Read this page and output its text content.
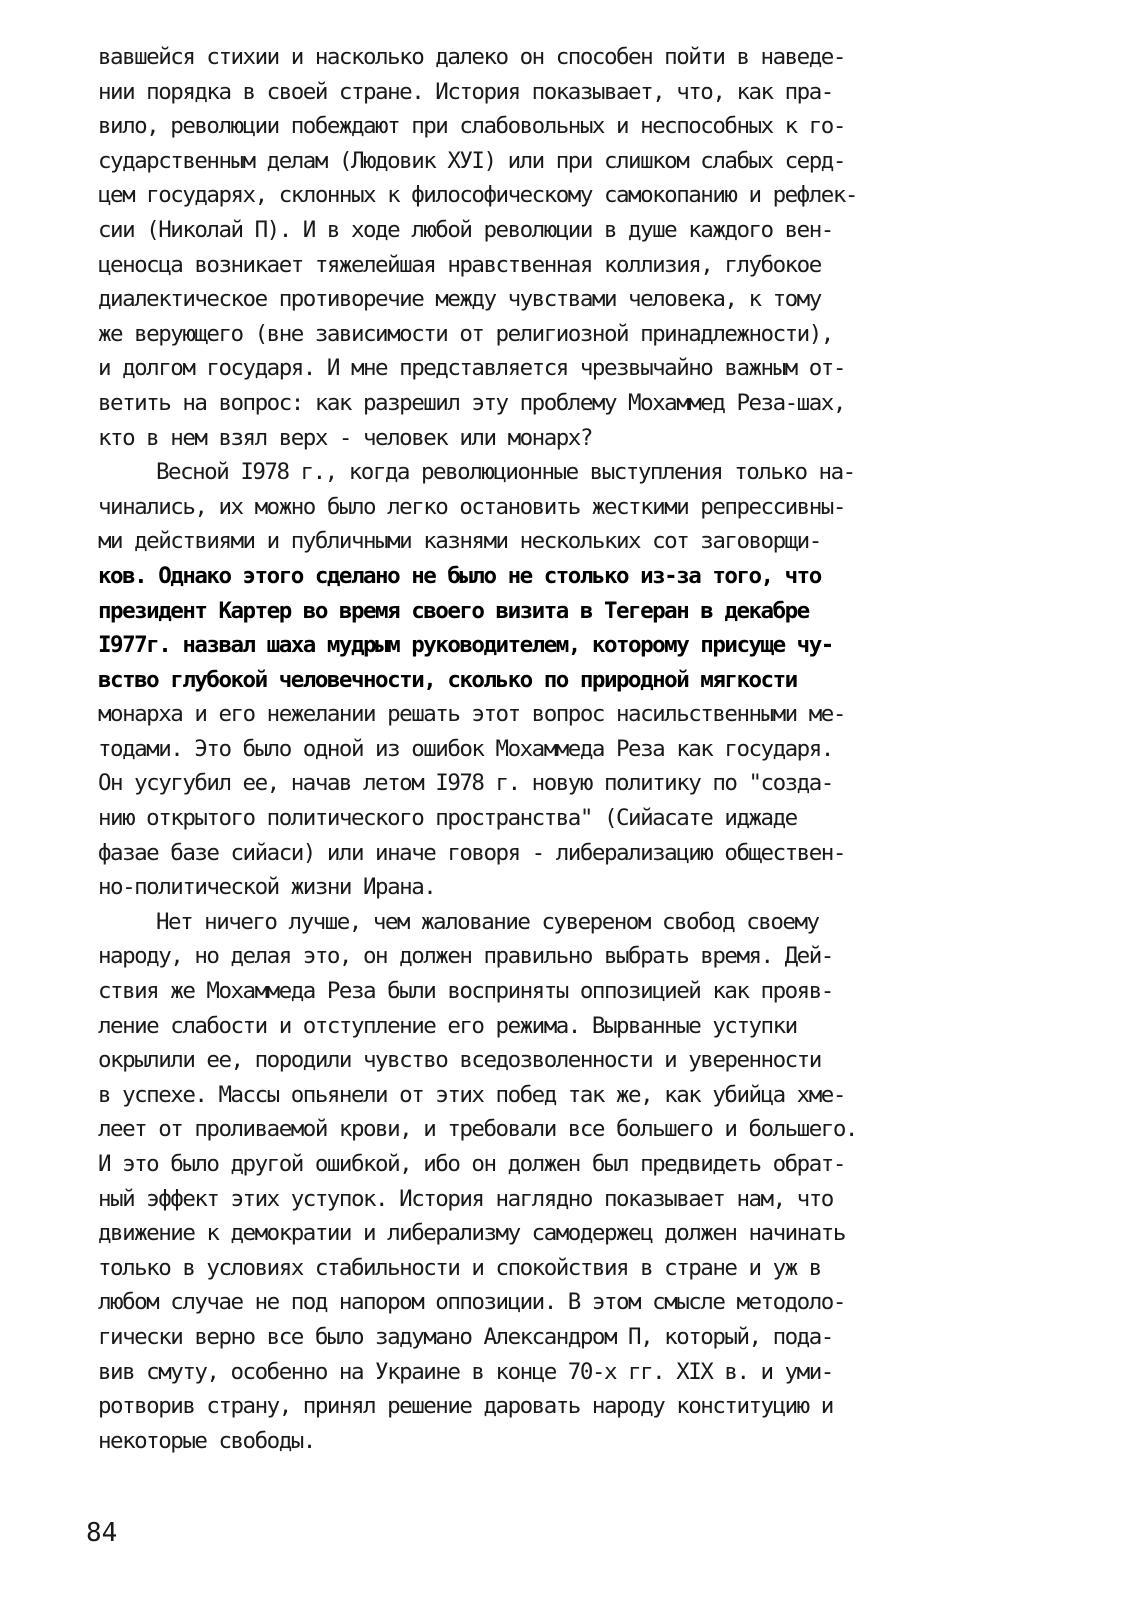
вавшейся стихии и насколько далеко он способен пойти в наведе-
нии порядка в своей стране. История показывает, что, как пра-
вило, революции побеждают при слабовольных и неспособных к го-
сударственным делам (Людовик ХУI) или при слишком слабых серд-
цем государях, склонных к философическому самокопанию и рефлек-
сии (Николай П). И в ходе любой революции в душе каждого вен-
ценосца возникает тяжелейшая нравственная коллизия, глубокое
диалектическое противоречие между чувствами человека, к тому
же верующего (вне зависимости от религиозной принадлежности),
и долгом государя. И мне представляется чрезвычайно важным от-
ветить на вопрос: как разрешил эту проблему Мохаммед Реза-шах,
кто в нем взял верх - человек или монарх?
Весной I978 г., когда революционные выступления только на-
чинались, их можно было легко остановить жесткими репрессивны-
ми действиями и публичными казнями нескольких сот заговорщи-
ков. Однако этого сделано не было не столько из-за того, что
президент Картер во время своего визита в Тегеран в декабре
I977г. назвал шаха мудрым руководителем, которому присуще чу-
вство глубокой человечности, сколько по природной мягкости
монарха и его нежелании решать этот вопрос насильственными ме-
тодами. Это было одной из ошибок Мохаммеда Реза как государя.
Он усугубил ее, начав летом I978 г. новую политику по "созда-
нию открытого политического пространства" (Сийасате иджаде
фазае базе сийаси) или иначе говоря - либерализацию обществен-
но-политической жизни Ирана.
Нет ничего лучше, чем жалование сувереном свобод своему
народу, но делая это, он должен правильно выбрать время. Дей-
ствия же Мохаммеда Реза были восприняты оппозицией как прояв-
ление слабости и отступление его режима. Вырванные уступки
окрылили ее, породили чувство вседозволенности и уверенности
в успехе. Массы опьянели от этих побед так же, как убийца хме-
леет от проливаемой крови, и требовали все большего и большего.
И это было другой ошибкой, ибо он должен был предвидеть обрат-
ный эффект этих уступок. История наглядно показывает нам, что
движение к демократии и либерализму самодержец должен начинать
только в условиях стабильности и спокойствия в стране и уж в
любом случае не под напором оппозиции. В этом смысле методоло-
гически верно все было задумано Александром П, который, пода-
вив смуту, особенно на Украине в конце 70-х гг. XIX в. и уми-
ротворив страну, принял решение даровать народу конституцию и
некоторые свободы.
84
